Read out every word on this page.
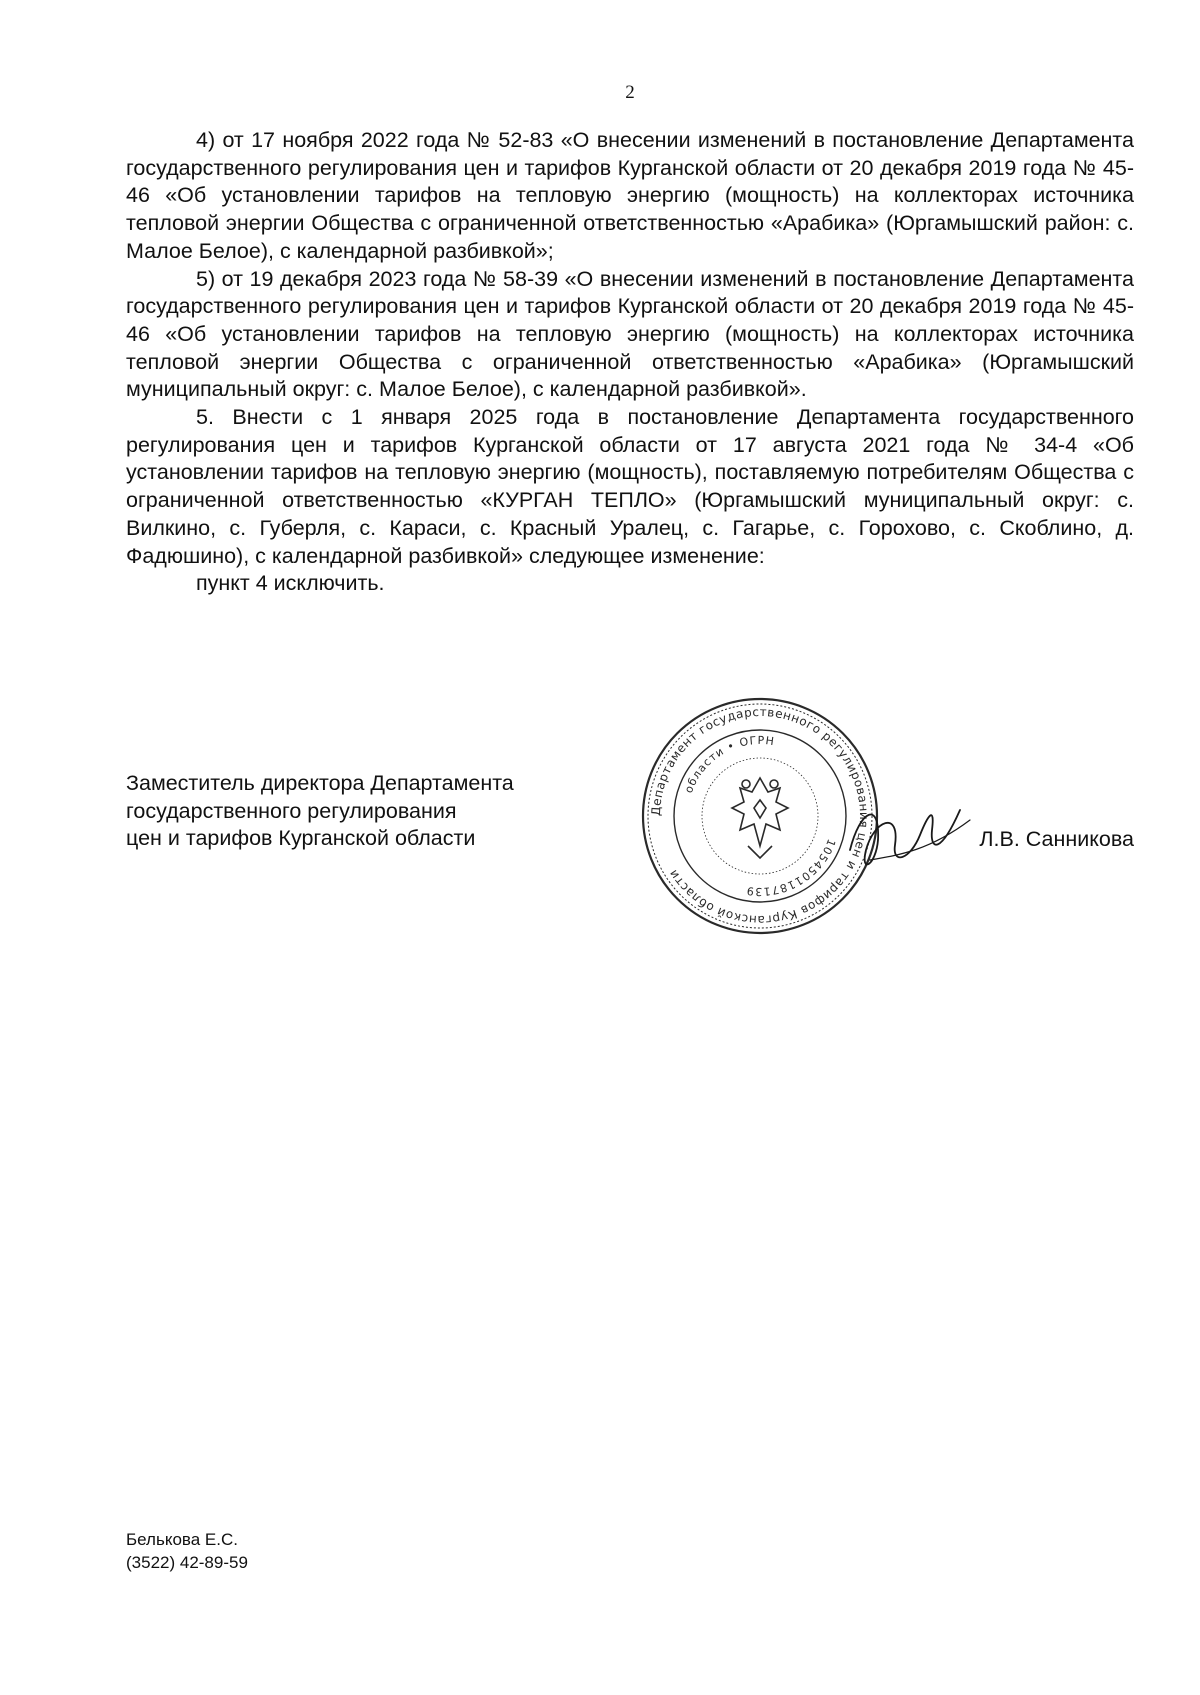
2

4) от 17 ноября 2022 года № 52-83 «О внесении изменений в постановление Департамента государственного регулирования цен и тарифов Курганской области от 20 декабря 2019 года № 45-46 «Об установлении тарифов на тепловую энергию (мощность) на коллекторах источника тепловой энергии Общества с ограниченной ответственностью «Арабика» (Юргамышский район: с. Малое Белое), с календарной разбивкой»;

5) от 19 декабря 2023 года № 58-39 «О внесении изменений в постановление Департамента государственного регулирования цен и тарифов Курганской области от 20 декабря 2019 года № 45-46 «Об установлении тарифов на тепловую энергию (мощность) на коллекторах источника тепловой энергии Общества с ограниченной ответственностью «Арабика» (Юргамышский муниципальный округ: с. Малое Белое), с календарной разбивкой».

5. Внести с 1 января 2025 года в постановление Департамента государственного регулирования цен и тарифов Курганской области от 17 августа 2021 года № 34-4 «Об установлении тарифов на тепловую энергию (мощность), поставляемую потребителям Общества с ограниченной ответственностью «КУРГАН ТЕПЛО» (Юргамышский муниципальный округ: с. Вилкино, с. Губерля, с. Караси, с. Красный Уралец, с. Гагарье, с. Горохово, с. Скоблино, д. Фадюшино), с календарной разбивкой» следующее изменение:

пункт 4 исключить.

Заместитель директора Департамента
государственного регулирования
цен и тарифов Курганской области
Департамент государственного регулирования цен и тарифов Курганской области
области • ОГРН
1054501187139
Л.В. Санникова
Белькова Е.С.
(3522) 42-89-59
